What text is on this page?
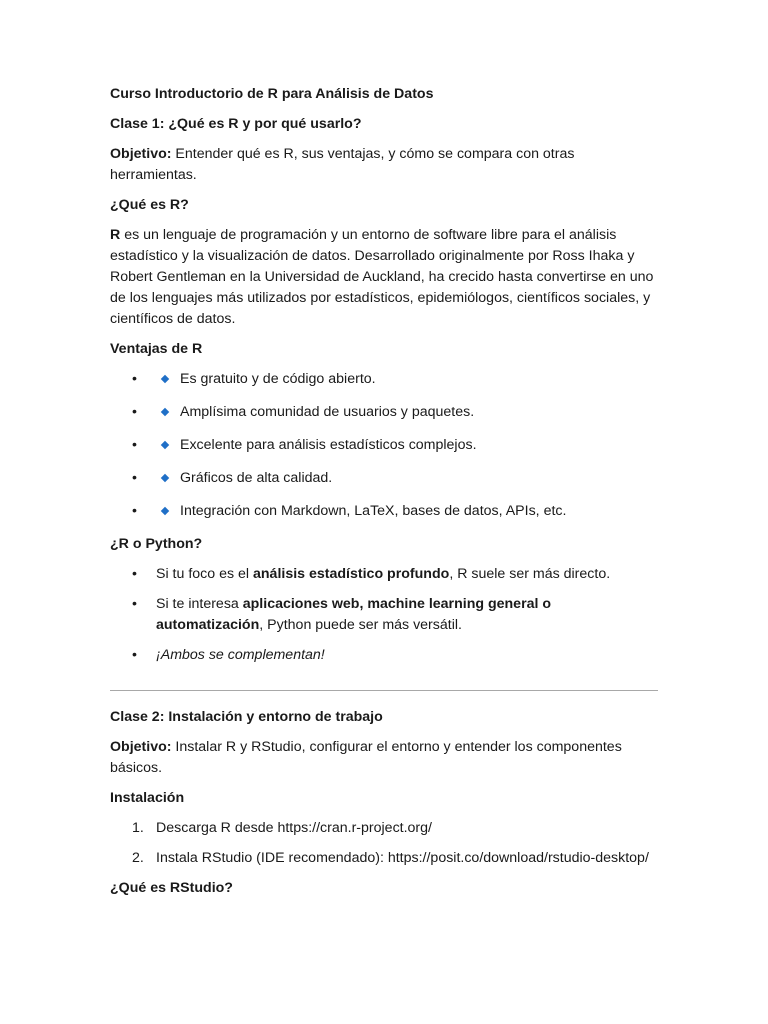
Curso Introductorio de R para Análisis de Datos

Clase 1: ¿Qué es R y por qué usarlo?

Objetivo: Entender qué es R, sus ventajas, y cómo se compara con otras herramientas.

¿Qué es R?

R es un lenguaje de programación y un entorno de software libre para el análisis estadístico y la visualización de datos. Desarrollado originalmente por Ross Ihaka y Robert Gentleman en la Universidad de Auckland, ha crecido hasta convertirse en uno de los lenguajes más utilizados por estadísticos, epidemiólogos, científicos sociales, y científicos de datos.

Ventajas de R

•	Es gratuito y de código abierto.
•	Amplísima comunidad de usuarios y paquetes.
•	Excelente para análisis estadísticos complejos.
•	Gráficos de alta calidad.
•	Integración con Markdown, LaTeX, bases de datos, APIs, etc.

¿R o Python?

• Si tu foco es el análisis estadístico profundo, R suele ser más directo.
• Si te interesa aplicaciones web, machine learning general o automatización, Python puede ser más versátil.
• ¡Ambos se complementan!

Clase 2: Instalación y entorno de trabajo

Objetivo: Instalar R y RStudio, configurar el entorno y entender los componentes básicos.

Instalación

1. Descarga R desde https://cran.r-project.org/
2. Instala RStudio (IDE recomendado): https://posit.co/download/rstudio-desktop/

¿Qué es RStudio?
